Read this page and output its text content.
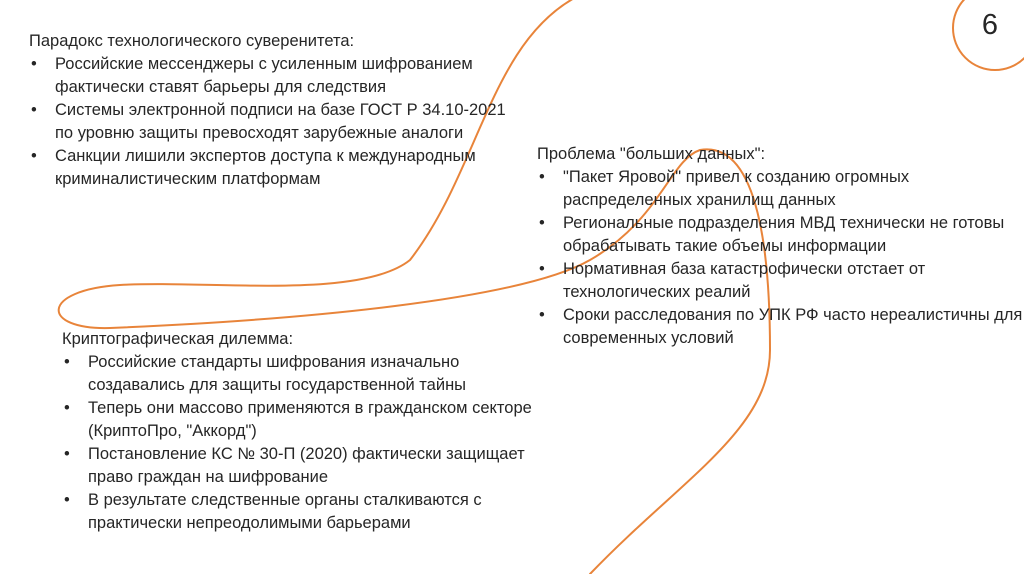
6

Парадокс технологического суверенитета:

• Российские мессенджеры с усиленным шифрованием
фактически ставят барьеры для следствия
• Системы электронной подписи на базе ГОСТ Р 34.10-2021
по уровню защиты превосходят зарубежные аналоги
• Санкции лишили экспертов доступа к международным
криминалистическим платформам

Проблема "больших данных":

• "Пакет Яровой" привел к созданию огромных
распределенных хранилищ данных
• Региональные подразделения МВД технически не готовы
обрабатывать такие объемы информации
• Нормативная база катастрофически отстает от
технологических реалий
• Сроки расследования по УПК РФ часто нереалистичны для
современных условий

Криптографическая дилемма:

• Российские стандарты шифрования изначально
создавались для защиты государственной тайны
• Теперь они массово применяются в гражданском секторе
(КриптоПро, "Аккорд")
• Постановление КС № 30-П (2020) фактически защищает
право граждан на шифрование
• В результате следственные органы сталкиваются с
практически непреодолимыми барьерами
